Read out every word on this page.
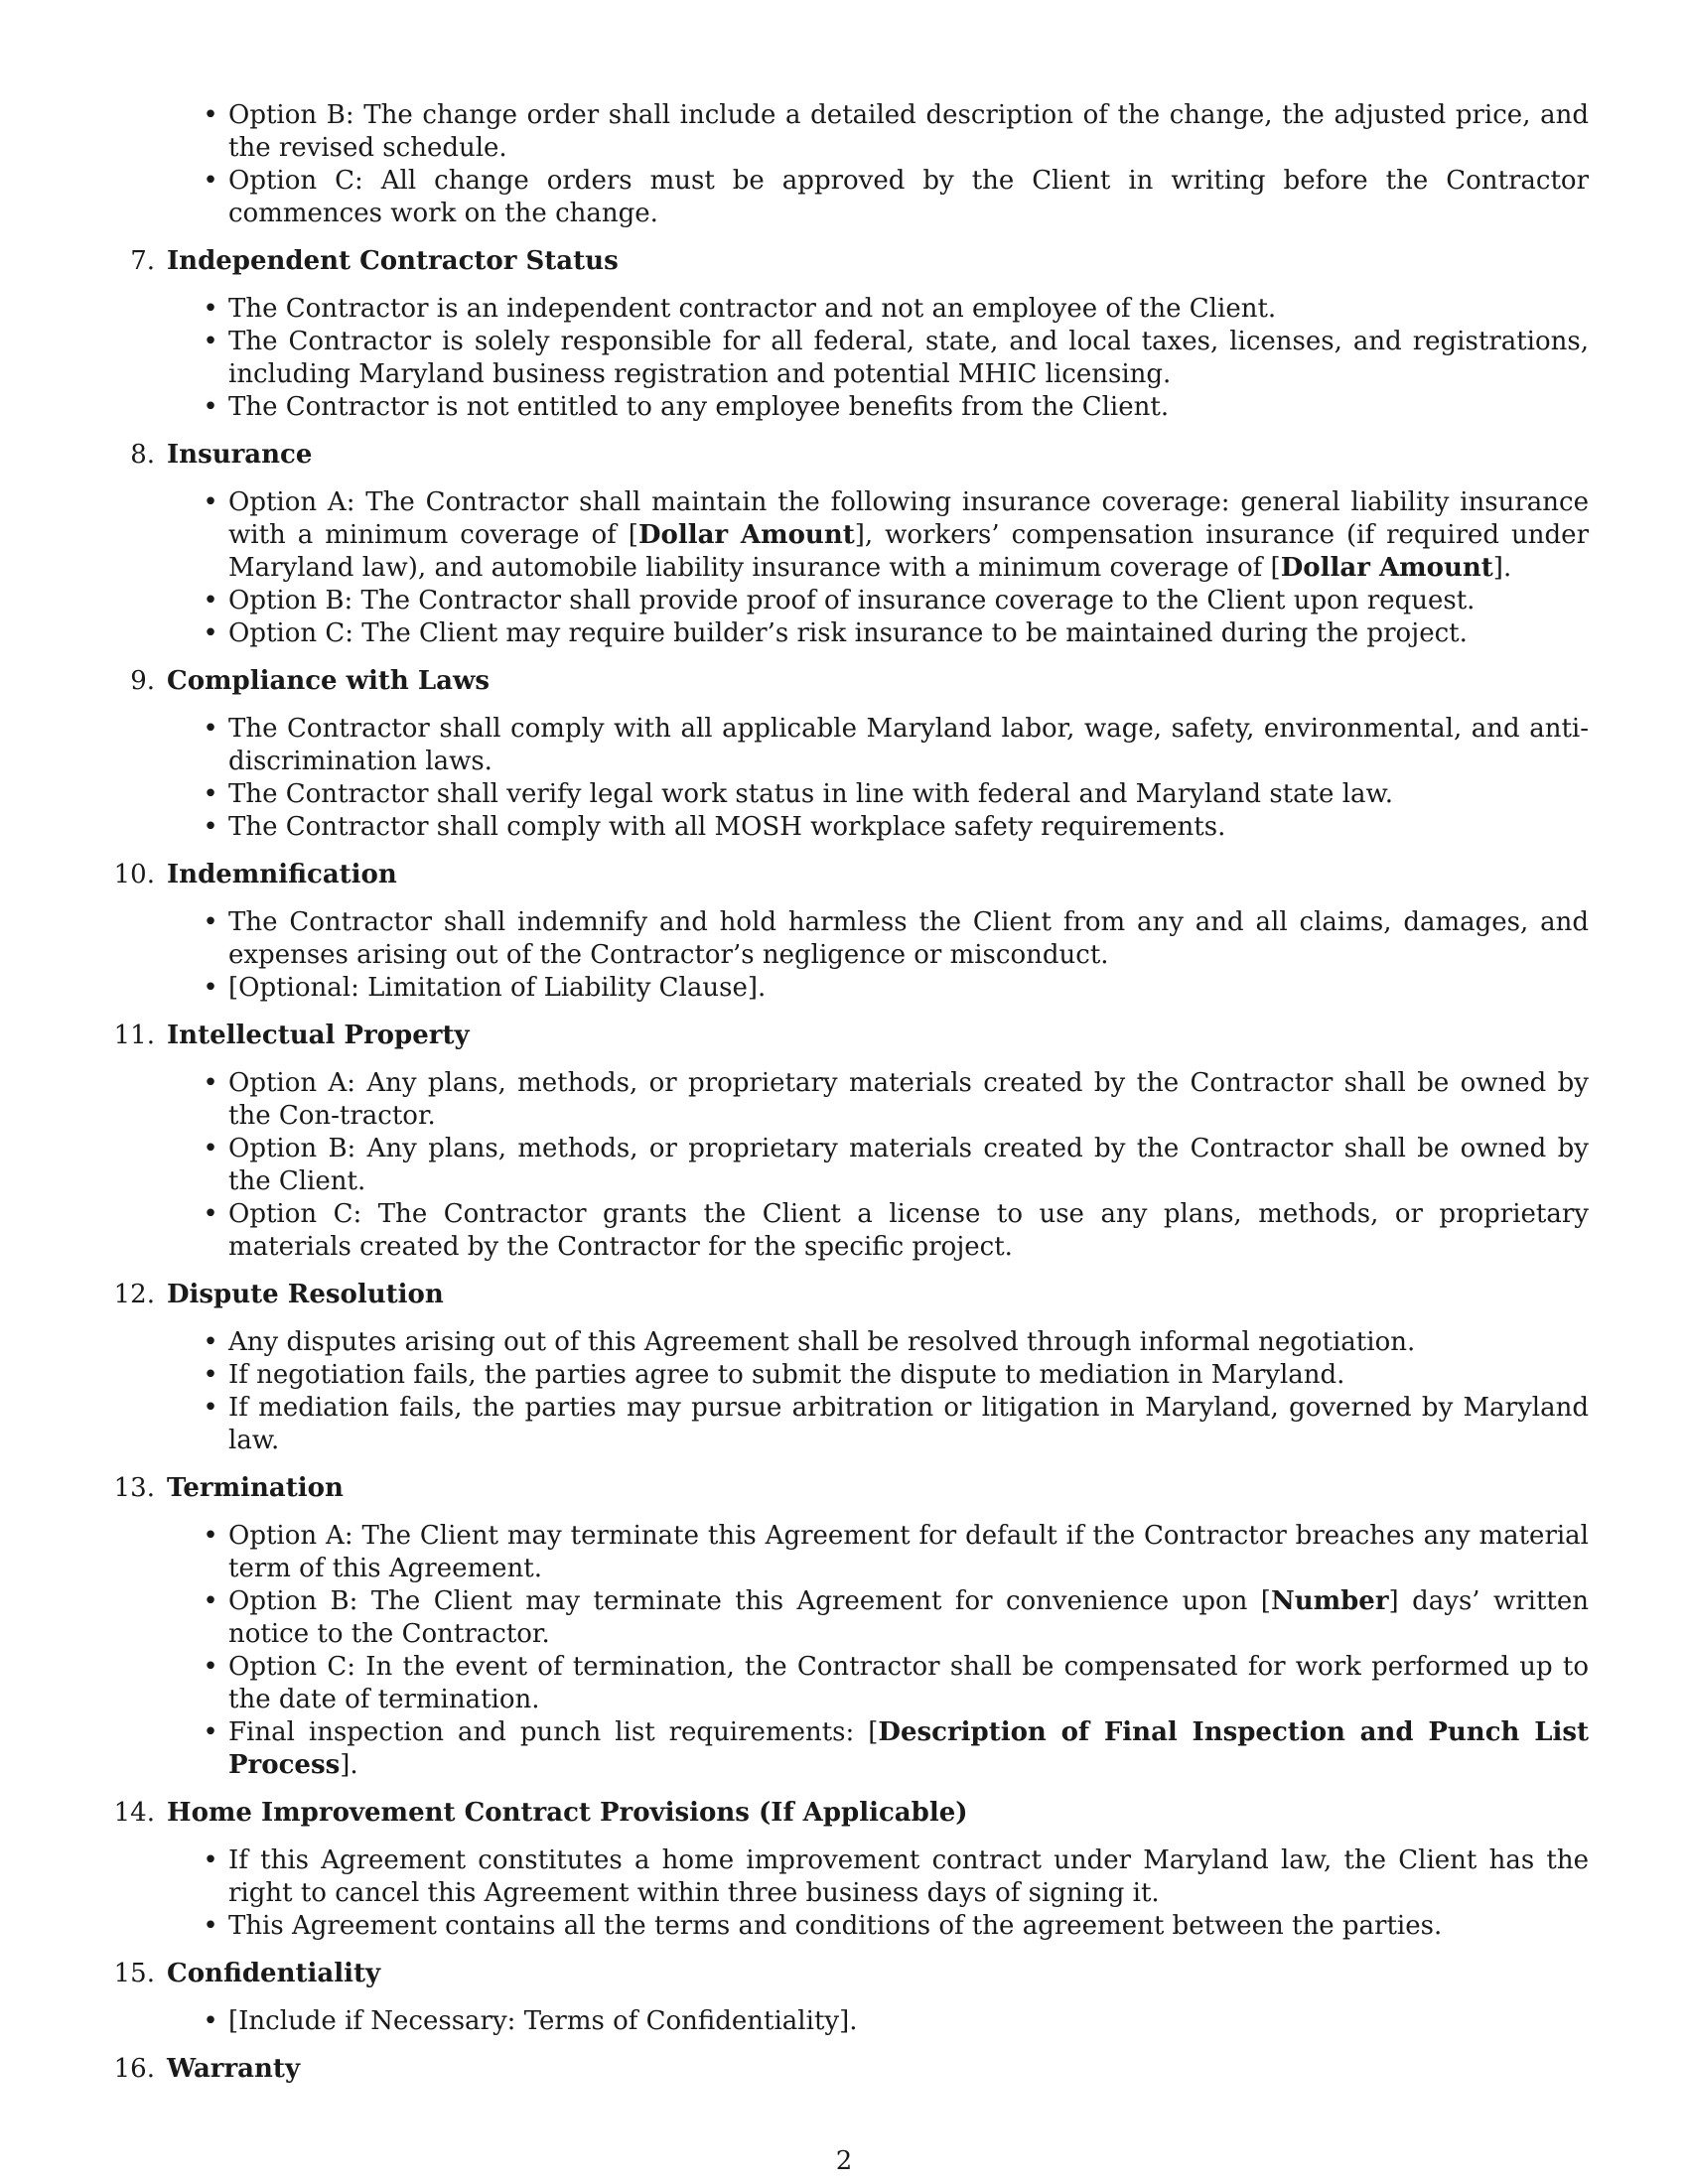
• Option B: The change order shall include a detailed description of the change, the adjusted price, and the revised schedule.
• Option C: All change orders must be approved by the Client in writing before the Contractor commences work on the change.
7. Independent Contractor Status
• The Contractor is an independent contractor and not an employee of the Client.
• The Contractor is solely responsible for all federal, state, and local taxes, licenses, and registrations, including Maryland business registration and potential MHIC licensing.
• The Contractor is not entitled to any employee benefits from the Client.
8. Insurance
• Option A: The Contractor shall maintain the following insurance coverage: general liability insurance with a minimum coverage of [Dollar Amount], workers’ compensation insurance (if required under Maryland law), and automobile liability insurance with a minimum coverage of [Dollar Amount].
• Option B: The Contractor shall provide proof of insurance coverage to the Client upon request.
• Option C: The Client may require builder’s risk insurance to be maintained during the project.
9. Compliance with Laws
• The Contractor shall comply with all applicable Maryland labor, wage, safety, environmental, and anti-discrimination laws.
• The Contractor shall verify legal work status in line with federal and Maryland state law.
• The Contractor shall comply with all MOSH workplace safety requirements.
10. Indemnification
• The Contractor shall indemnify and hold harmless the Client from any and all claims, damages, and expenses arising out of the Contractor’s negligence or misconduct.
• [Optional: Limitation of Liability Clause].
11. Intellectual Property
• Option A: Any plans, methods, or proprietary materials created by the Contractor shall be owned by the Con-tractor.
• Option B: Any plans, methods, or proprietary materials created by the Contractor shall be owned by the Client.
• Option C: The Contractor grants the Client a license to use any plans, methods, or proprietary materials created by the Contractor for the specific project.
12. Dispute Resolution
• Any disputes arising out of this Agreement shall be resolved through informal negotiation.
• If negotiation fails, the parties agree to submit the dispute to mediation in Maryland.
• If mediation fails, the parties may pursue arbitration or litigation in Maryland, governed by Maryland law.
13. Termination
• Option A: The Client may terminate this Agreement for default if the Contractor breaches any material term of this Agreement.
• Option B: The Client may terminate this Agreement for convenience upon [Number] days’ written notice to the Contractor.
• Option C: In the event of termination, the Contractor shall be compensated for work performed up to the date of termination.
• Final inspection and punch list requirements: [Description of Final Inspection and Punch List Process].
14. Home Improvement Contract Provisions (If Applicable)
• If this Agreement constitutes a home improvement contract under Maryland law, the Client has the right to cancel this Agreement within three business days of signing it.
• This Agreement contains all the terms and conditions of the agreement between the parties.
15. Confidentiality
• [Include if Necessary: Terms of Confidentiality].
16. Warranty
2
